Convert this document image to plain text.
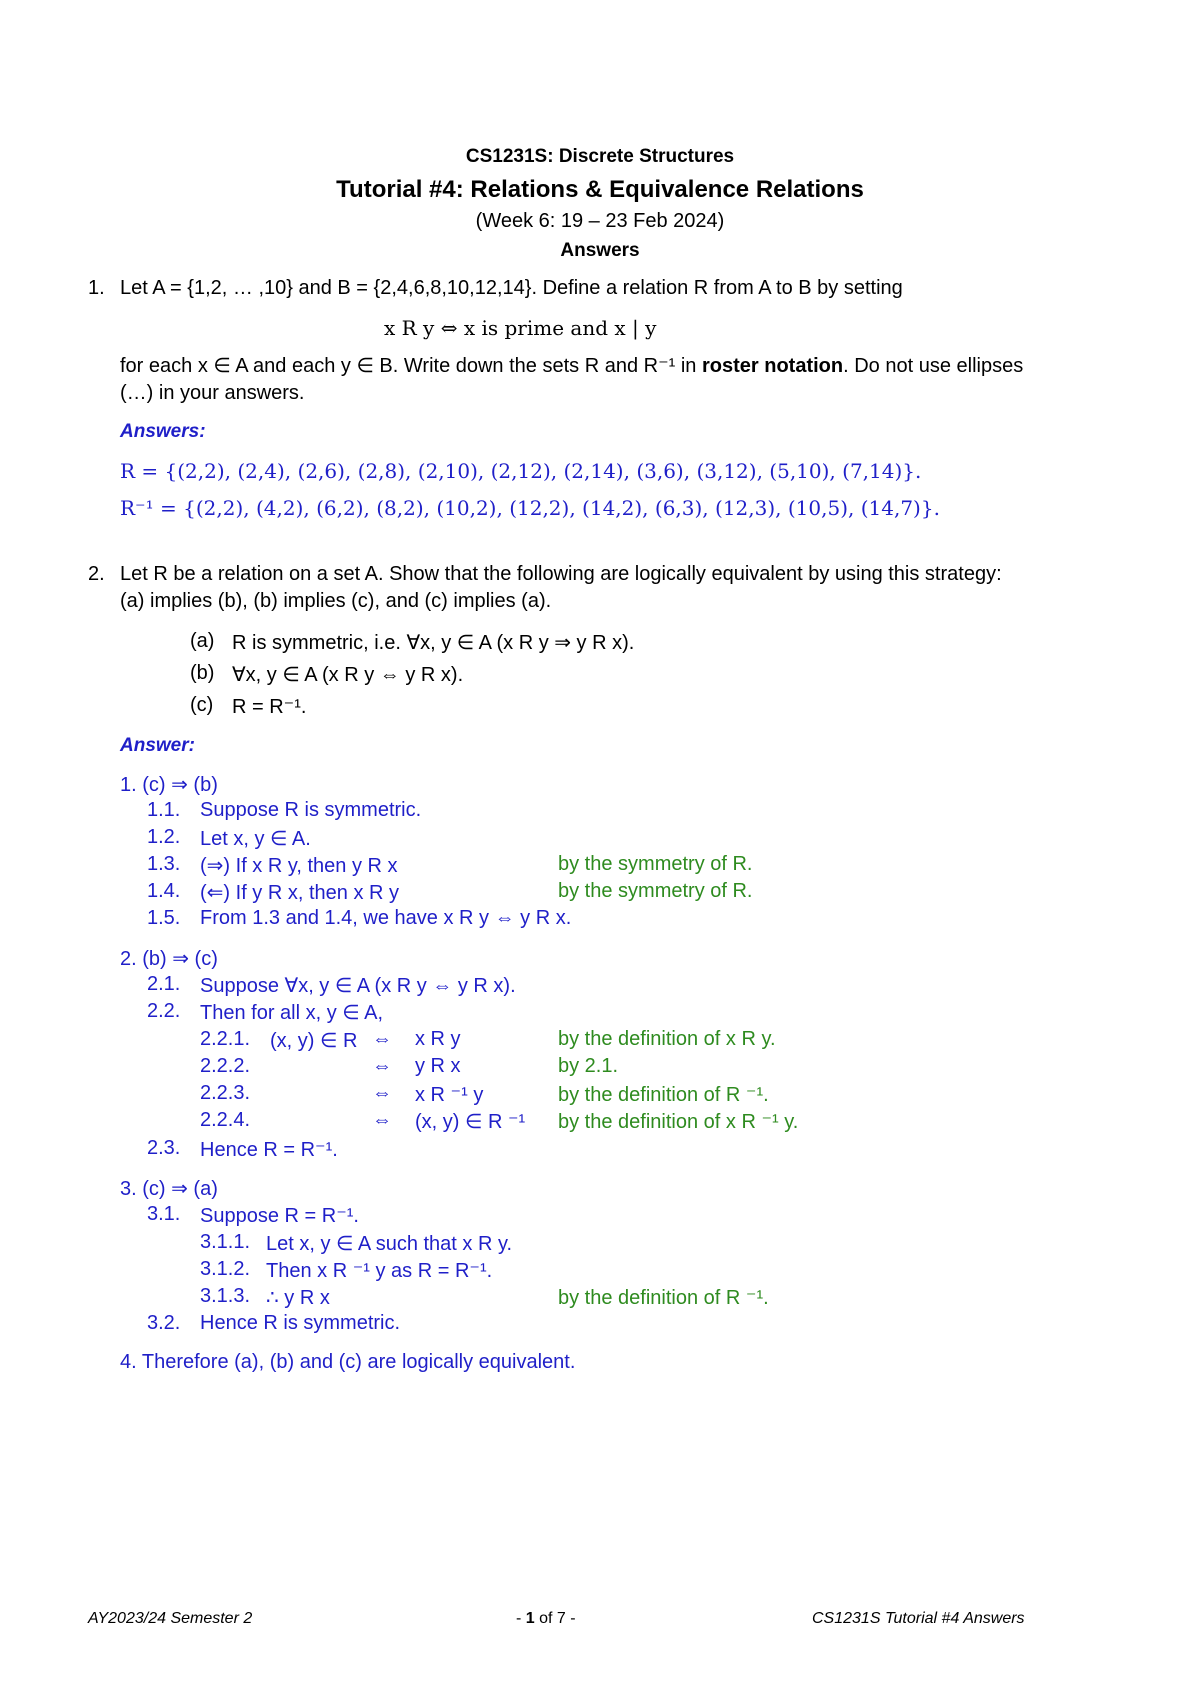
CS1231S: Discrete Structures
Tutorial #4: Relations & Equivalence Relations
(Week 6: 19 – 23 Feb 2024)
Answers
1. Let A = {1,2, … ,10} and B = {2,4,6,8,10,12,14}. Define a relation R from A to B by setting
x R y ⇔ x is prime and x | y
for each x ∈ A and each y ∈ B. Write down the sets R and R⁻¹ in roster notation. Do not use ellipses
(…) in your answers.
Answers:
R = {(2,2), (2,4), (2,6), (2,8), (2,10), (2,12), (2,14), (3,6), (3,12), (5,10), (7,14)}.
R⁻¹ = {(2,2), (4,2), (6,2), (8,2), (10,2), (12,2), (14,2), (6,3), (12,3), (10,5), (14,7)}.
2. Let R be a relation on a set A. Show that the following are logically equivalent by using this strategy:
(a) implies (b), (b) implies (c), and (c) implies (a).
(a) R is symmetric, i.e. ∀x, y ∈ A (x R y ⇒ y R x).
(b) ∀x, y ∈ A (x R y ⇔ y R x).
(c) R = R⁻¹.
Answer:
1. (c) ⇒ (b)
1.1. Suppose R is symmetric.
1.2. Let x, y ∈ A.
1.3. (⇒) If x R y, then y R x	by the symmetry of R.
1.4. (⇐) If y R x, then x R y	by the symmetry of R.
1.5. From 1.3 and 1.4, we have x R y ⇔ y R x.
2. (b) ⇒ (c)
2.1. Suppose ∀x, y ∈ A (x R y ⇔ y R x).
2.2. Then for all x, y ∈ A,
2.2.1. (x, y) ∈ R ⇔ x R y	by the definition of x R y.
2.2.2.	⇔ y R x	by 2.1.
2.2.3.	⇔ x R ⁻¹ y	by the definition of R ⁻¹.
2.2.4.	⇔ (x, y) ∈ R ⁻¹ by the definition of x R ⁻¹ y.
2.3. Hence R = R⁻¹.
3. (c) ⇒ (a)
3.1. Suppose R = R⁻¹.
3.1.1. Let x, y ∈ A such that x R y.
3.1.2. Then x R ⁻¹ y as R = R⁻¹.
3.1.3. ∴ y R x	by the definition of R ⁻¹.
3.2. Hence R is symmetric.
4. Therefore (a), (b) and (c) are logically equivalent.
AY2023/24 Semester 2	- 1 of 7 -	CS1231S Tutorial #4 Answers
